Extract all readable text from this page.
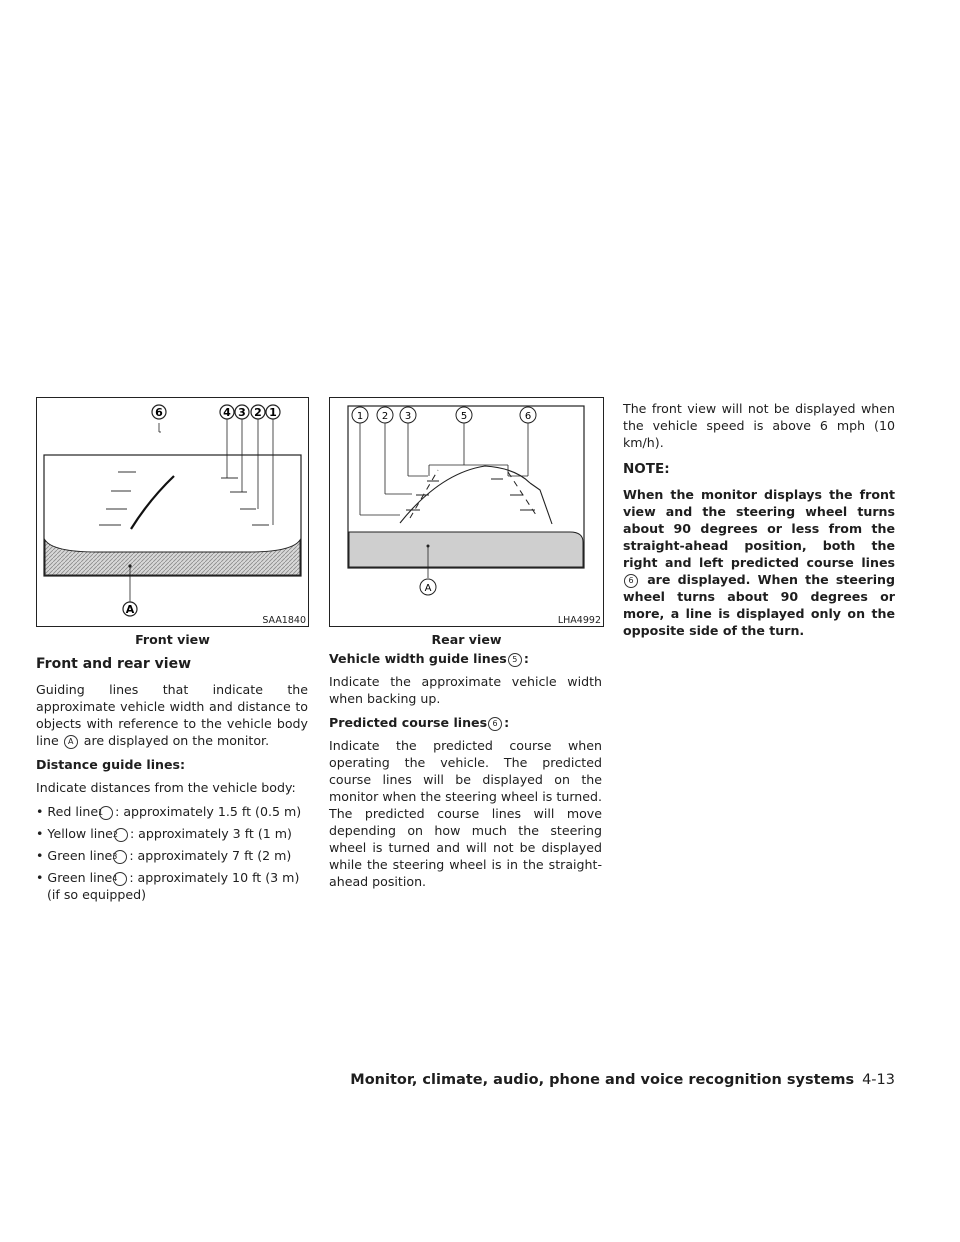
6	4 3 2 1
A
SAA1840
Front view
1 2 3	5	6
A
LHA4992
Rear view
Front and rear view

Guiding lines that indicate the approximate vehicle width and distance to objects with reference to the vehicle body line A are displayed on the monitor.

Distance guide lines:

Indicate distances from the vehicle body:

• Red line1 : approximately 1.5 ft (0.5 m)
• Yellow line2 : approximately 3 ft (1 m)
• Green line3 : approximately 7 ft (2 m)
• Green line4 : approximately 10 ft (3 m) (if so equipped)
Vehicle width guide lines 5 :

Indicate the approximate vehicle width when backing up.

Predicted course lines 6 :

Indicate the predicted course when operating the vehicle. The predicted course lines will be displayed on the monitor when the steering wheel is turned. The predicted course lines will move depending on how much the steering wheel is turned and will not be displayed while the steering wheel is in the straight-ahead position.

The front view will not be displayed when the vehicle speed is above 6 mph (10 km/h).

NOTE:

When the monitor displays the front view and the steering wheel turns about 90 degrees or less from the straight-ahead position, both the right and left predicted course lines 6 are displayed. When the steering wheel turns about 90 degrees or more, a line is displayed only on the opposite side of the turn.

Monitor, climate, audio, phone and voice recognition systems 4-13
